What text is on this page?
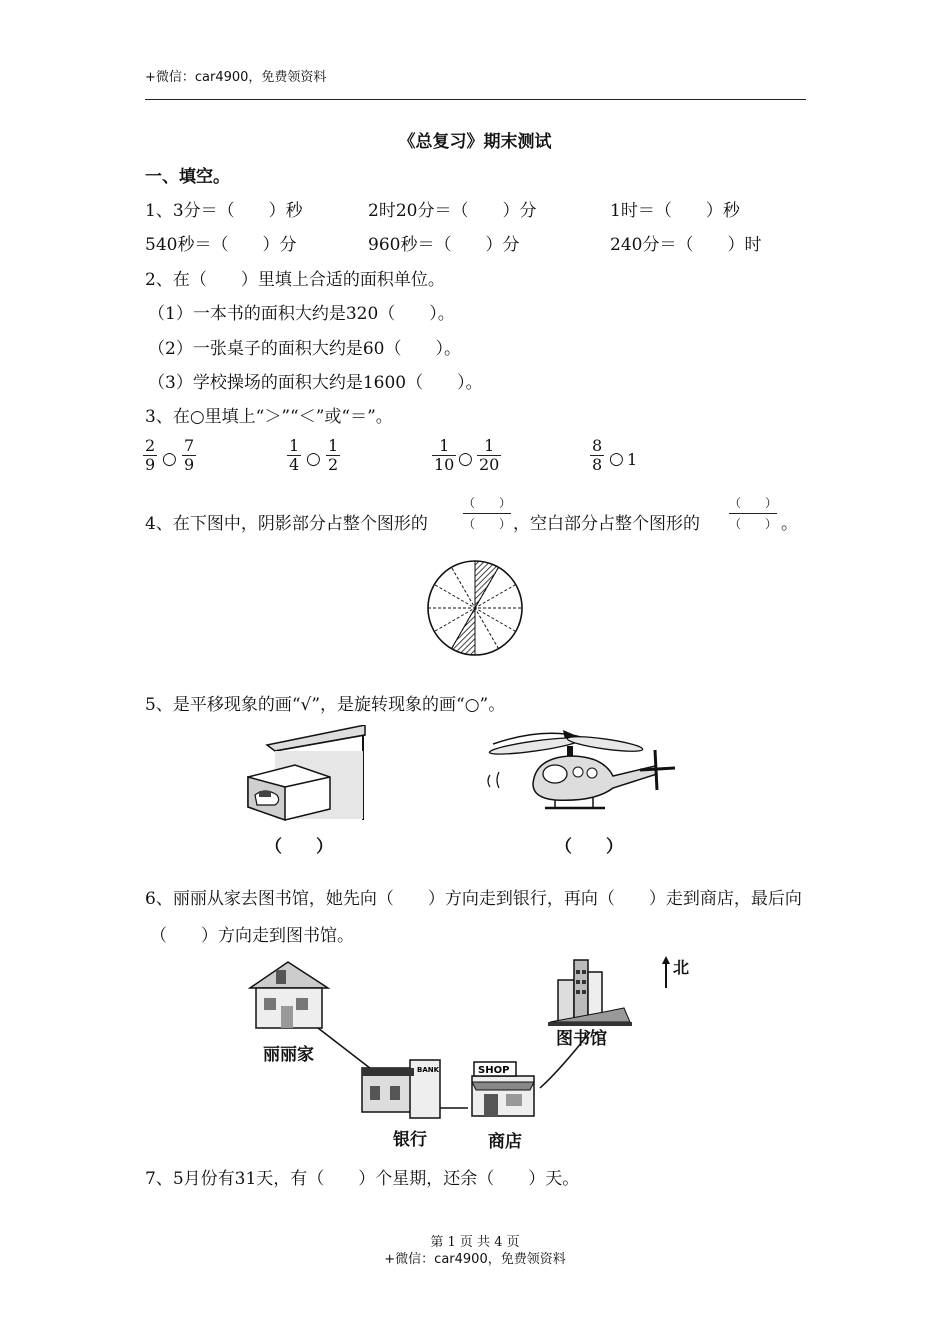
+微信：car4900，免费领资料
《总复习》期末测试
一、填空。
1、3分＝（　　）秒	2时20分＝（　　）分	1时＝（　　）秒
540秒＝（　　）分	960秒＝（　　）分	240分＝（　　）时
2、在（　　）里填上合适的面积单位。
（1）一本书的面积大约是320（　　）。
（2）一张桌子的面积大约是60（　　）。
（3）学校操场的面积大约是1600（　　）。
3、在○里填上“＞”“＜”或“＝”。
$\frac{2}{9}$ ○ $\frac{7}{9}$	$\frac{1}{4}$ ○ $\frac{1}{2}$	$\frac{1}{10}$ ○ $\frac{1}{20}$	$\frac{8}{8}$ ○ 1
4、在下图中，阴影部分占整个图形的
（　　）
（　　） ，空白部分占整个图形的
（　　）
（　　） 。
5、是平移现象的画“√”，是旋转现象的画“○”。
（　　）	（　　）
6、丽丽从家去图书馆，她先向（　　）方向走到银行，再向（　　）走到商店，最后向
（　　）方向走到图书馆。
BANK	SHOP
北
丽丽家
银行	商店
图书馆
7、5月份有31天，有（　　）个星期，还余（　　）天。
第 1 页 共 4 页
+微信：car4900，免费领资料
